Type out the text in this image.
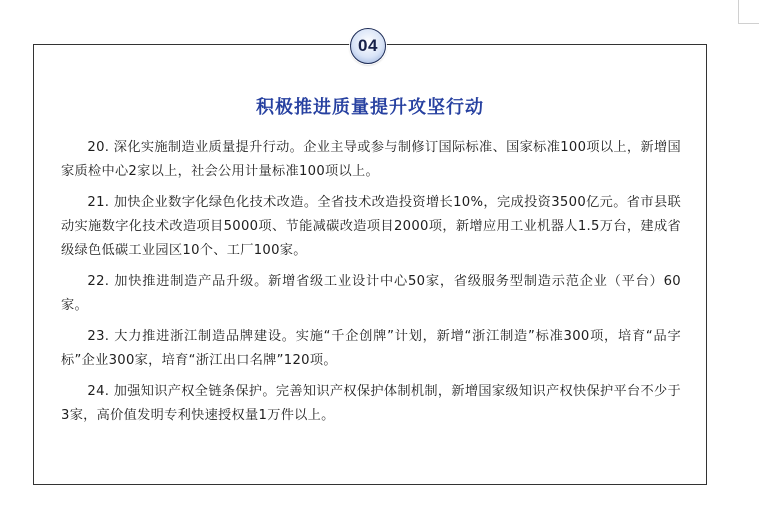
04
积极推进质量提升攻坚行动
20. 深化实施制造业质量提升行动。企业主导或参与制修订国际标准、国家标准100项以上，新增国家质检中心2家以上，社会公用计量标准100项以上。
21. 加快企业数字化绿色化技术改造。全省技术改造投资增长10%，完成投资3500亿元。省市县联动实施数字化技术改造项目5000项、节能减碳改造项目2000项，新增应用工业机器人1.5万台，建成省级绿色低碳工业园区10个、工厂100家。
22. 加快推进制造产品升级。新增省级工业设计中心50家，省级服务型制造示范企业（平台）60家。
23. 大力推进浙江制造品牌建设。实施“千企创牌”计划，新增“浙江制造”标准300项，培育“品字标”企业300家，培育“浙江出口名牌”120项。
24. 加强知识产权全链条保护。完善知识产权保护体制机制，新增国家级知识产权快保护平台不少于3家，高价值发明专利快速授权量1万件以上。
